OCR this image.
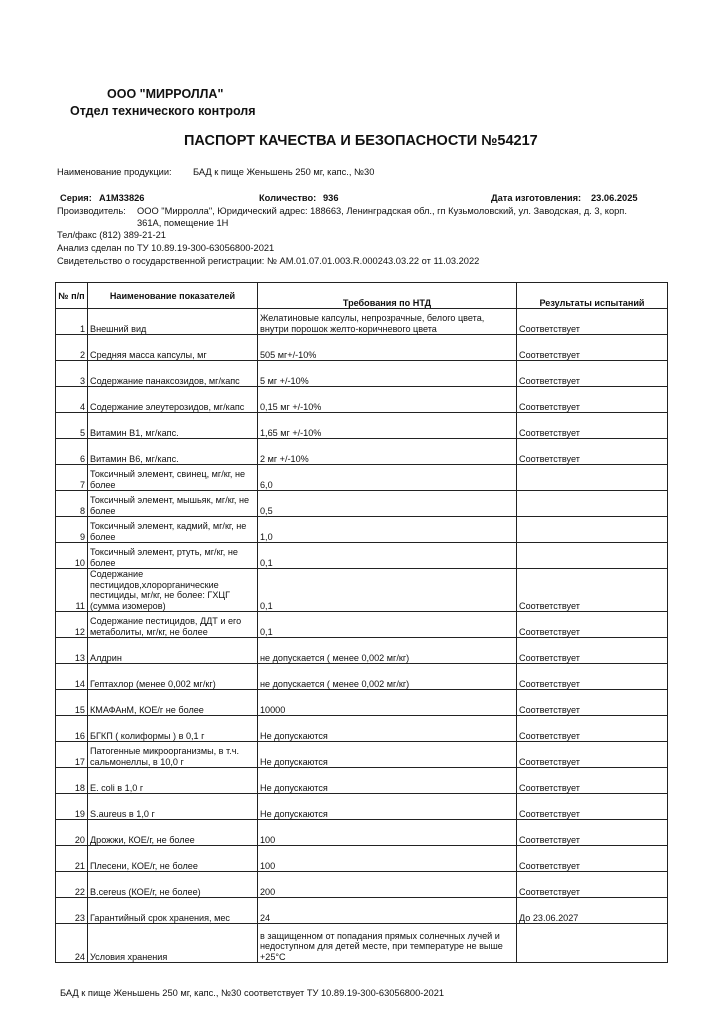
ООО "МИРРОЛЛА"
Отдел технического контроля
ПАСПОРТ КАЧЕСТВА И БЕЗОПАСНОСТИ №54217
Наименование продукции: БАД к пище Женьшень 250 мг, капс., №30
Серия: А1М33826	Количество: 936	Дата изготовления: 23.06.2025
Производитель: ООО "Мирролла", Юридический адрес: 188663, Ленинградская обл., гп Кузьмоловский, ул. Заводская, д. 3, корп.
361А, помещение 1Н
Тел/факс (812) 389-21-21
Анализ сделан по ТУ 10.89.19-300-63056800-2021
Свидетельство о государственной регистрации: № AM.01.07.01.003.R.000243.03.22 от 11.03.2022
№ п/п	Наименование показателей	Требования по НТД	Результаты испытаний
1	Внешний вид	Желатиновые капсулы, непрозрачные, белого цвета, внутри порошок желто-коричневого цвета	Соответствует
2	Средняя масса капсулы, мг	505 мг+/-10%	Соответствует
3	Содержание панаксозидов, мг/капс	5 мг +/-10%	Соответствует
4	Содержание элеутерозидов, мг/капс	0,15 мг +/-10%	Соответствует
5	Витамин В1, мг/капс.	1,65 мг +/-10%	Соответствует
6	Витамин В6, мг/капс.	2 мг +/-10%	Соответствует
7	Токсичный элемент, свинец, мг/кг, не более	6,0	
8	Токсичный элемент, мышьяк, мг/кг, не более	0,5	
9	Токсичный элемент, кадмий, мг/кг, не более	1,0	
10	Токсичный элемент, ртуть, мг/кг, не более	0,1	
11	Содержание пестицидов,хлорорганические пестициды, мг/кг, не более: ГХЦГ (сумма изомеров)	0,1	Соответствует
12	Содержание пестицидов, ДДТ и его метаболиты, мг/кг, не более	0,1	Соответствует
13	Алдрин	не допускается ( менее 0,002 мг/кг)	Соответствует
14	Гептахлор (менее 0,002 мг/кг)	не допускается ( менее 0,002 мг/кг)	Соответствует
15	КМАФАнМ, КОЕ/г не более	10000	Соответствует
16	БГКП ( колиформы ) в 0,1 г	Не допускаются	Соответствует
17	Патогенные микроорганизмы, в т.ч. сальмонеллы, в 10,0 г	Не допускаются	Соответствует
18	E. coli в 1,0 г	Не допускаются	Соответствует
19	S.aureus в 1,0 г	Не допускаются	Соответствует
20	Дрожжи, КОЕ/г, не более	100	Соответствует
21	Плесени, КОЕ/г, не более	100	Соответствует
22	B.cereus (КОЕ/г, не более)	200	Соответствует
23	Гарантийный срок хранения, мес	24	До 23.06.2027
24	Условия хранения	в защищенном от попадания прямых солнечных лучей и недоступном для детей месте, при температуре не выше +25°С	
БАД к пище Женьшень 250 мг, капс., №30 соответствует ТУ 10.89.19-300-63056800-2021
